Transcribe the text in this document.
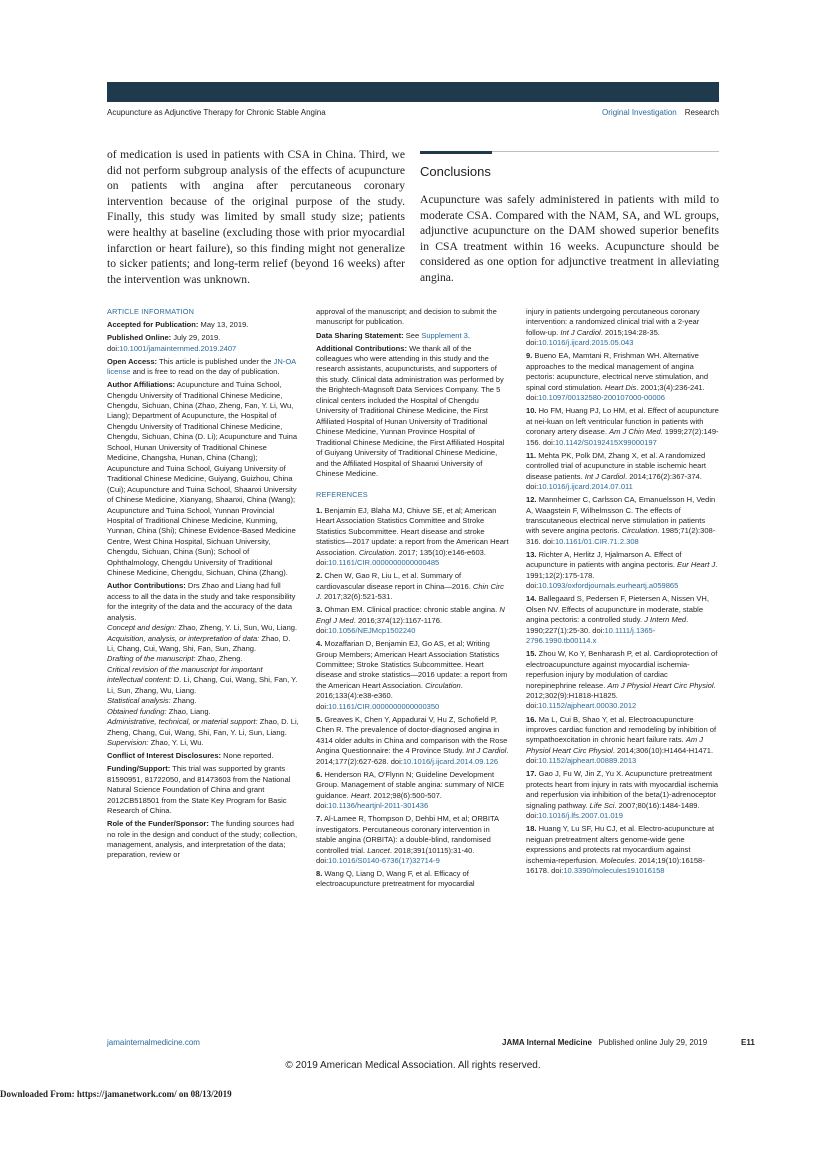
Acupuncture as Adjunctive Therapy for Chronic Stable Angina	Original Investigation Research
of medication is used in patients with CSA in China. Third, we did not perform subgroup analysis of the effects of acupuncture on patients with angina after percutaneous coronary intervention because of the original purpose of the study. Finally, this study was limited by small study size; patients were healthy at baseline (excluding those with prior myocardial infarction or heart failure), so this finding might not generalize to sicker patients; and long-term relief (beyond 16 weeks) after the intervention was unknown.
Conclusions
Acupuncture was safely administered in patients with mild to moderate CSA. Compared with the NAM, SA, and WL groups, adjunctive acupuncture on the DAM showed superior benefits in CSA treatment within 16 weeks. Acupuncture should be considered as one option for adjunctive treatment in alleviating angina.

ARTICLE INFORMATION

Accepted for Publication: May 13, 2019.

Published Online: July 29, 2019.
doi:10.1001/jamainternmed.2019.2407

Open Access: This article is published under the JN-OA license and is free to read on the day of publication.

Author Affiliations: Acupuncture and Tuina School, Chengdu University of Traditional Chinese Medicine, Chengdu, Sichuan, China (Zhao, Zheng, Fan, Y. Li, Wu, Liang); Department of Acupuncture, the Hospital of Chengdu University of Traditional Chinese Medicine, Chengdu, Sichuan, China (D. Li); Acupuncture and Tuina School, Hunan University of Traditional Chinese Medicine, Changsha, Hunan, China (Chang); Acupuncture and Tuina School, Guiyang University of Traditional Chinese Medicine, Guiyang, Guizhou, China (Cui); Acupuncture and Tuina School, Shaanxi University of Chinese Medicine, Xianyang, Shaanxi, China (Wang); Acupuncture and Tuina School, Yunnan Provincial Hospital of Traditional Chinese Medicine, Kunming, Yunnan, China (Shi); Chinese Evidence-Based Medicine Centre, West China Hospital, Sichuan University, Chengdu, Sichuan, China (Sun); School of Ophthalmology, Chengdu University of Traditional Chinese Medicine, Chengdu, Sichuan, China (Zhang).

Author Contributions: Drs Zhao and Liang had full access to all the data in the study and take responsibility for the integrity of the data and the accuracy of the data analysis.

Concept and design: Zhao, Zheng, Y. Li, Sun, Wu, Liang.
Acquisition, analysis, or interpretation of data: Zhao, D. Li, Chang, Cui, Wang, Shi, Fan, Sun, Zhang.
Drafting of the manuscript: Zhao, Zheng.
Critical revision of the manuscript for important intellectual content: D. Li, Chang, Cui, Wang, Shi, Fan, Y. Li, Sun, Zhang, Wu, Liang.
Statistical analysis: Zhang.
Obtained funding: Zhao, Liang.
Administrative, technical, or material support: Zhao, D. Li, Zheng, Chang, Cui, Wang, Shi, Fan, Y. Li, Sun, Liang.
Supervision: Zhao, Y. Li, Wu.

Conflict of Interest Disclosures: None reported.

Funding/Support: This trial was supported by grants 81590951, 81722050, and 81473603 from the National Natural Science Foundation of China and grant 2012CB518501 from the State Key Program for Basic Research of China.

Role of the Funder/Sponsor: The funding sources had no role in the design and conduct of the study; collection, management, analysis, and interpretation of the data; preparation, review or

approval of the manuscript; and decision to submit the manuscript for publication.

Data Sharing Statement: See Supplement 3.

Additional Contributions: We thank all of the colleagues who were attending in this study and the research assistants, acupuncturists, and supporters of this study. Clinical data administration was performed by the Brightech-Magnsoft Data Services Company. The 5 clinical centers included the Hospital of Chengdu University of Traditional Chinese Medicine, the First Affiliated Hospital of Hunan University of Traditional Chinese Medicine, Yunnan Province Hospital of Traditional Chinese Medicine, the First Affiliated Hospital of Guiyang University of Traditional Chinese Medicine, and the Affiliated Hospital of Shaanxi University of Chinese Medicine.

REFERENCES

1. Benjamin EJ, Blaha MJ, Chiuve SE, et al; American Heart Association Statistics Committee and Stroke Statistics Subcommittee. Heart disease and stroke statistics—2017 update: a report from the American Heart Association. Circulation. 2017; 135(10):e146-e603. doi:10.1161/CIR.0000000000000485

2. Chen W, Gao R, Liu L, et al. Summary of cardiovascular disease report in China—2016. Chin Circ J. 2017;32(6):521-531.

3. Ohman EM. Clinical practice: chronic stable angina. N Engl J Med. 2016;374(12):1167-1176. doi:10.1056/NEJMcp1502240

4. Mozaffarian D, Benjamin EJ, Go AS, et al; Writing Group Members; American Heart Association Statistics Committee; Stroke Statistics Subcommittee. Heart disease and stroke statistics—2016 update: a report from the American Heart Association. Circulation. 2016;133(4):e38-e360. doi:10.1161/CIR.0000000000000350

5. Greaves K, Chen Y, Appadurai V, Hu Z, Schofield P, Chen R. The prevalence of doctor-diagnosed angina in 4314 older adults in China and comparison with the Rose Angina Questionnaire: the 4 Province Study. Int J Cardiol. 2014;177(2):627-628. doi:10.1016/j.ijcard.2014.09.126

6. Henderson RA, O'Flynn N; Guideline Development Group. Management of stable angina: summary of NICE guidance. Heart. 2012;98(6):500-507. doi:10.1136/heartjnl-2011-301436

7. Al-Lamee R, Thompson D, Dehbi HM, et al; ORBITA investigators. Percutaneous coronary intervention in stable angina (ORBITA): a double-blind, randomised controlled trial. Lancet. 2018;391(10115):31-40. doi:10.1016/S0140-6736(17)32714-9

8. Wang Q, Liang D, Wang F, et al. Efficacy of electroacupuncture pretreatment for myocardial

injury in patients undergoing percutaneous coronary intervention: a randomized clinical trial with a 2-year follow-up. Int J Cardiol. 2015;194:28-35. doi:10.1016/j.ijcard.2015.05.043

9. Bueno EA, Mamtani R, Frishman WH. Alternative approaches to the medical management of angina pectoris: acupuncture, electrical nerve stimulation, and spinal cord stimulation. Heart Dis. 2001;3(4):236-241. doi:10.1097/00132580-200107000-00006

10. Ho FM, Huang PJ, Lo HM, et al. Effect of acupuncture at nei-kuan on left ventricular function in patients with coronary artery disease. Am J Chin Med. 1999;27(2):149-156. doi:10.1142/S0192415X99000197

11. Mehta PK, Polk DM, Zhang X, et al. A randomized controlled trial of acupuncture in stable ischemic heart disease patients. Int J Cardiol. 2014;176(2):367-374. doi:10.1016/j.ijcard.2014.07.011

12. Mannheimer C, Carlsson CA, Emanuelsson H, Vedin A, Waagstein F, Wilhelmsson C. The effects of transcutaneous electrical nerve stimulation in patients with severe angina pectoris. Circulation. 1985;71(2):308-316. doi:10.1161/01.CIR.71.2.308

13. Richter A, Herlitz J, Hjalmarson A. Effect of acupuncture in patients with angina pectoris. Eur Heart J. 1991;12(2):175-178. doi:10.1093/oxfordjournals.eurheartj.a059865

14. Ballegaard S, Pedersen F, Pietersen A, Nissen VH, Olsen NV. Effects of acupuncture in moderate, stable angina pectoris: a controlled study. J Intern Med. 1990;227(1):25-30. doi:10.1111/j.1365-2796.1990.tb00114.x

15. Zhou W, Ko Y, Benharash P, et al. Cardioprotection of electroacupuncture against myocardial ischemia-reperfusion injury by modulation of cardiac norepinephrine release. Am J Physiol Heart Circ Physiol. 2012;302(9):H1818-H1825. doi:10.1152/ajpheart.00030.2012

16. Ma L, Cui B, Shao Y, et al. Electroacupuncture improves cardiac function and remodeling by inhibition of sympathoexcitation in chronic heart failure rats. Am J Physiol Heart Circ Physiol. 2014;306(10):H1464-H1471. doi:10.1152/ajpheart.00889.2013

17. Gao J, Fu W, Jin Z, Yu X. Acupuncture pretreatment protects heart from injury in rats with myocardial ischemia and reperfusion via inhibition of the beta(1)-adrenoceptor signaling pathway. Life Sci. 2007;80(16):1484-1489. doi:10.1016/j.lfs.2007.01.019

18. Huang Y, Lu SF, Hu CJ, et al. Electro-acupuncture at neiguan pretreatment alters genome-wide gene expressions and protects rat myocardium against ischemia-reperfusion. Molecules. 2014;19(10):16158-16178. doi:10.3390/molecules191016158

jamainternalmedicine.com	JAMA Internal Medicine Published online July 29, 2019	E11
© 2019 American Medical Association. All rights reserved.
Downloaded From: https://jamanetwork.com/ on 08/13/2019
